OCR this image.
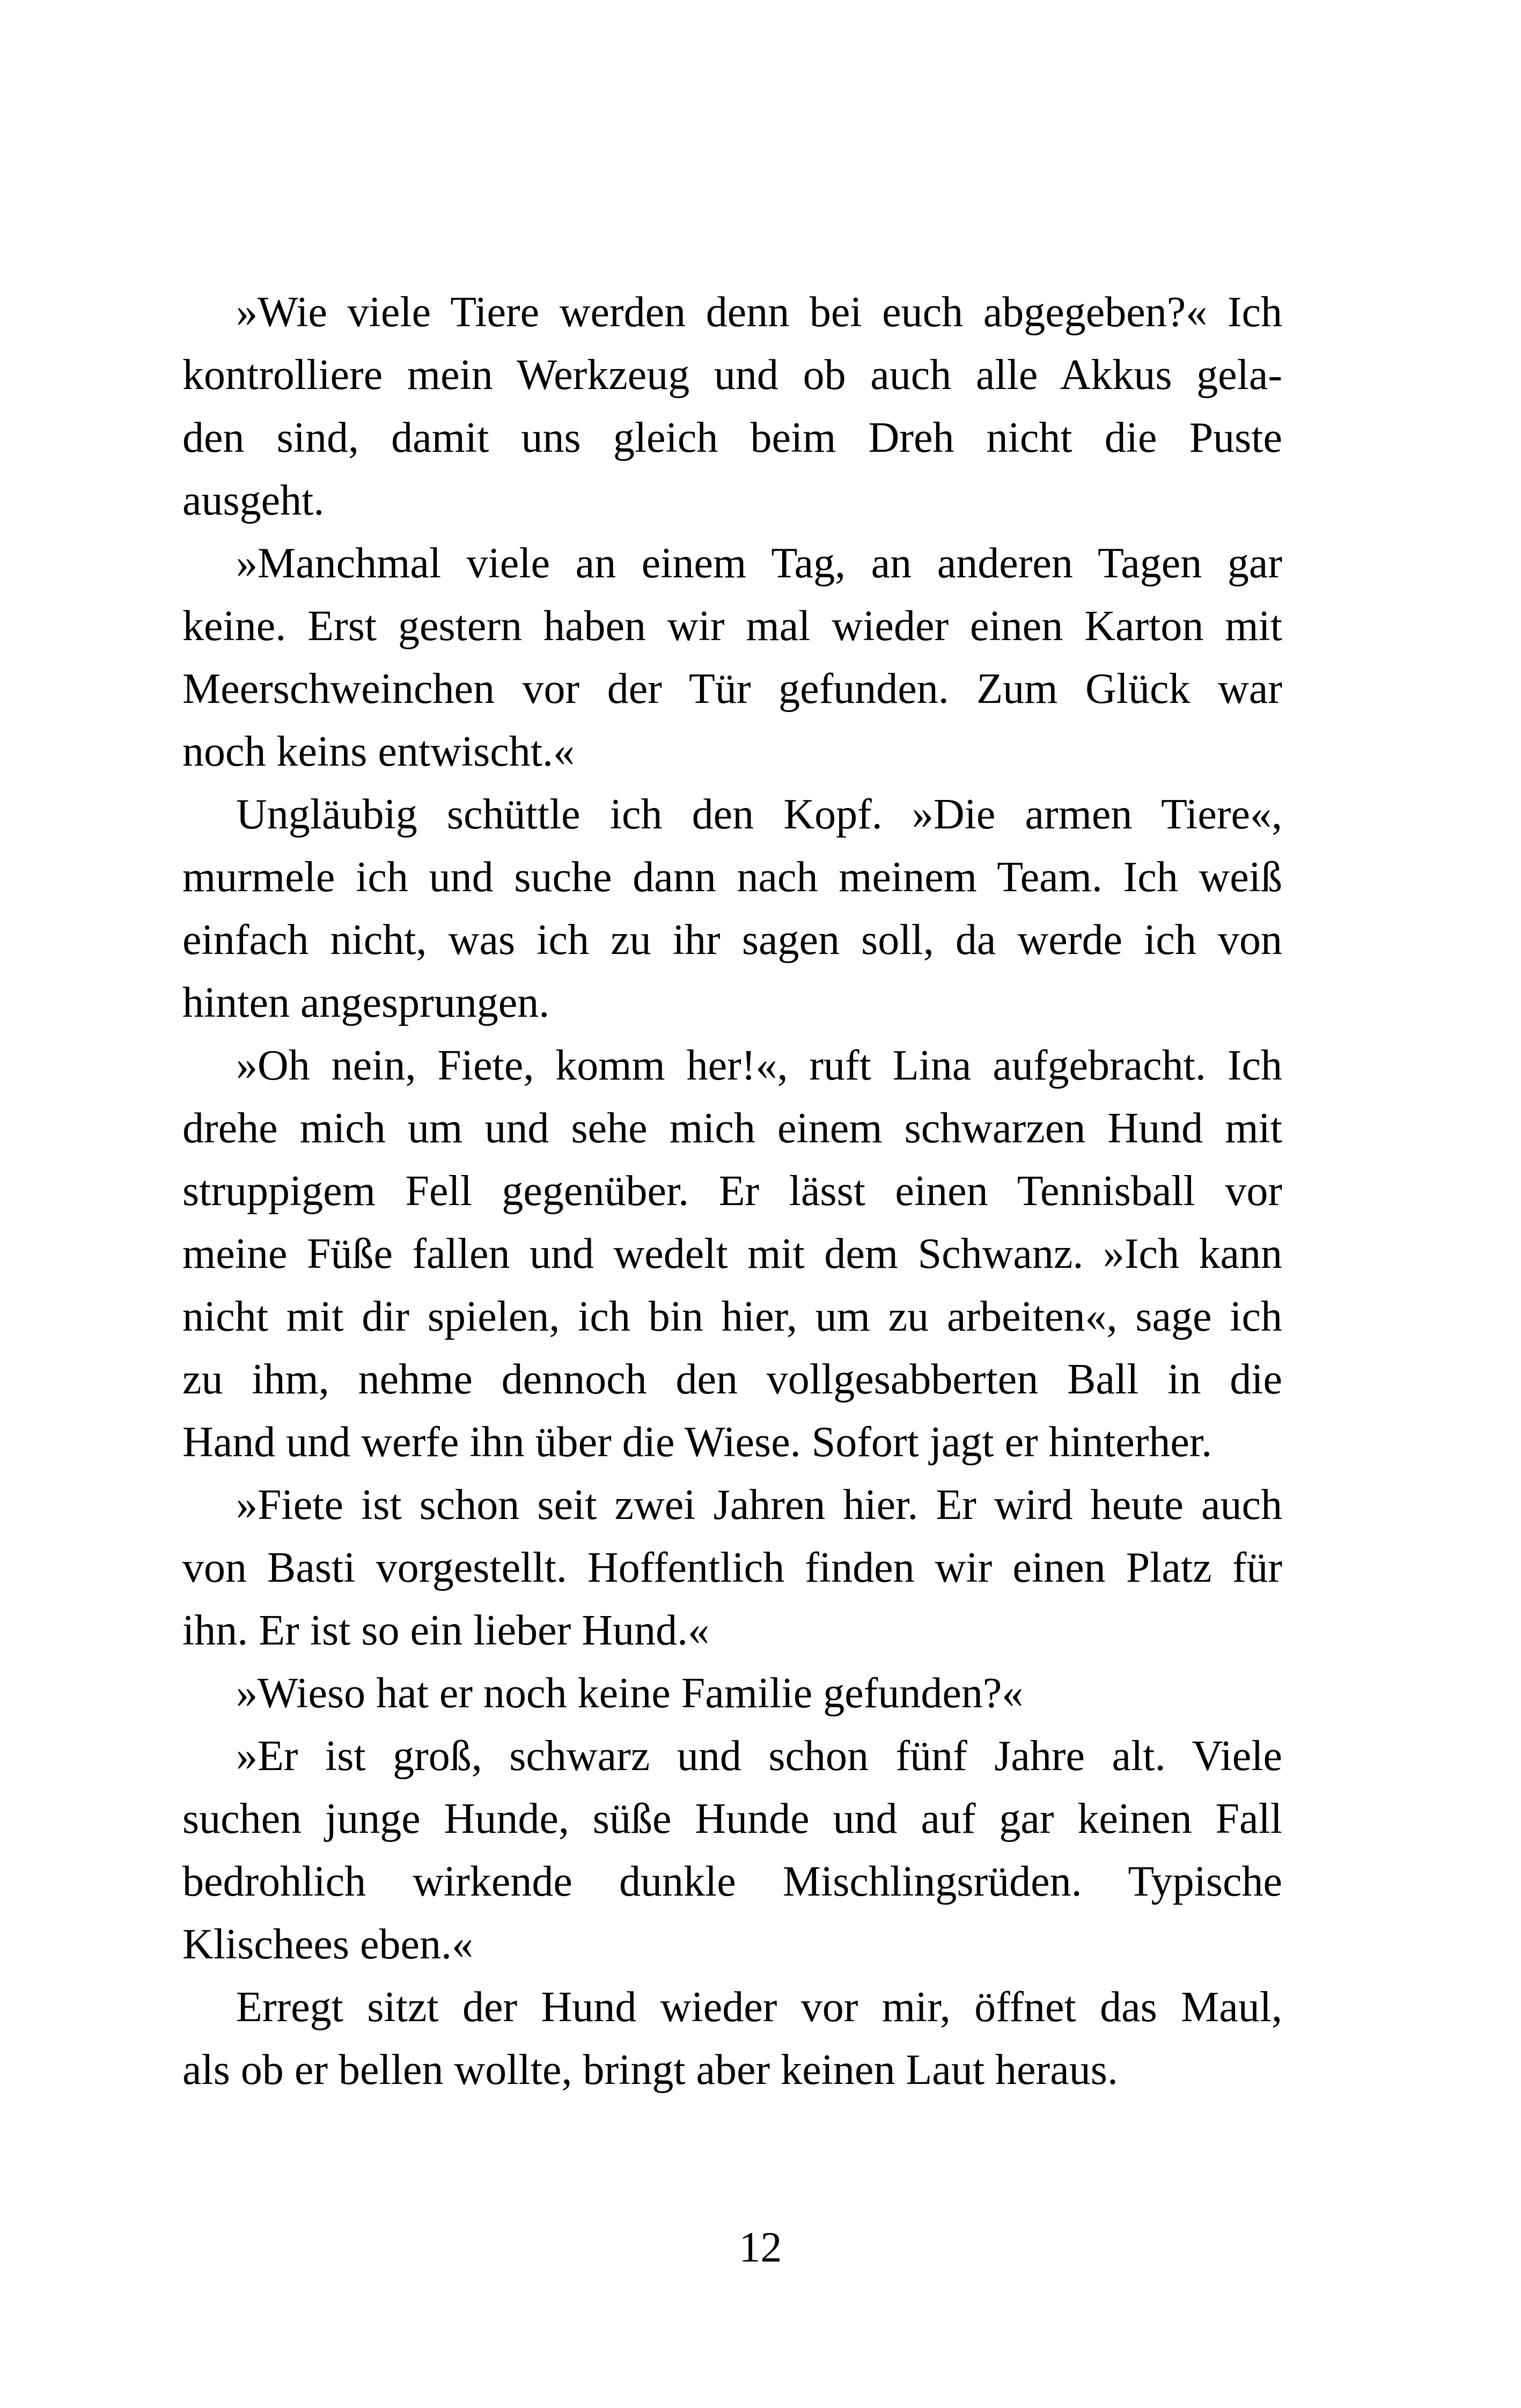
»Wie viele Tiere werden denn bei euch abgegeben?« Ich
kontrolliere mein Werkzeug und ob auch alle Akkus gela-
den sind, damit uns gleich beim Dreh nicht die Puste
ausgeht.

»Manchmal viele an einem Tag, an anderen Tagen gar
keine. Erst gestern haben wir mal wieder einen Karton mit
Meerschweinchen vor der Tür gefunden. Zum Glück war
noch keins entwischt.«

Ungläubig schüttle ich den Kopf. »Die armen Tiere«,
murmele ich und suche dann nach meinem Team. Ich weiß
einfach nicht, was ich zu ihr sagen soll, da werde ich von
hinten angesprungen.

»Oh nein, Fiete, komm her!«, ruft Lina aufgebracht. Ich
drehe mich um und sehe mich einem schwarzen Hund mit
struppigem Fell gegenüber. Er lässt einen Tennisball vor
meine Füße fallen und wedelt mit dem Schwanz. »Ich kann
nicht mit dir spielen, ich bin hier, um zu arbeiten«, sage ich
zu ihm, nehme dennoch den vollgesabberten Ball in die
Hand und werfe ihn über die Wiese. Sofort jagt er hinterher.

»Fiete ist schon seit zwei Jahren hier. Er wird heute auch
von Basti vorgestellt. Hoffentlich finden wir einen Platz für
ihn. Er ist so ein lieber Hund.«

»Wieso hat er noch keine Familie gefunden?«

»Er ist groß, schwarz und schon fünf Jahre alt. Viele
suchen junge Hunde, süße Hunde und auf gar keinen Fall
bedrohlich wirkende dunkle Mischlingsrüden. Typische
Klischees eben.«

Erregt sitzt der Hund wieder vor mir, öffnet das Maul,
als ob er bellen wollte, bringt aber keinen Laut heraus.

12
